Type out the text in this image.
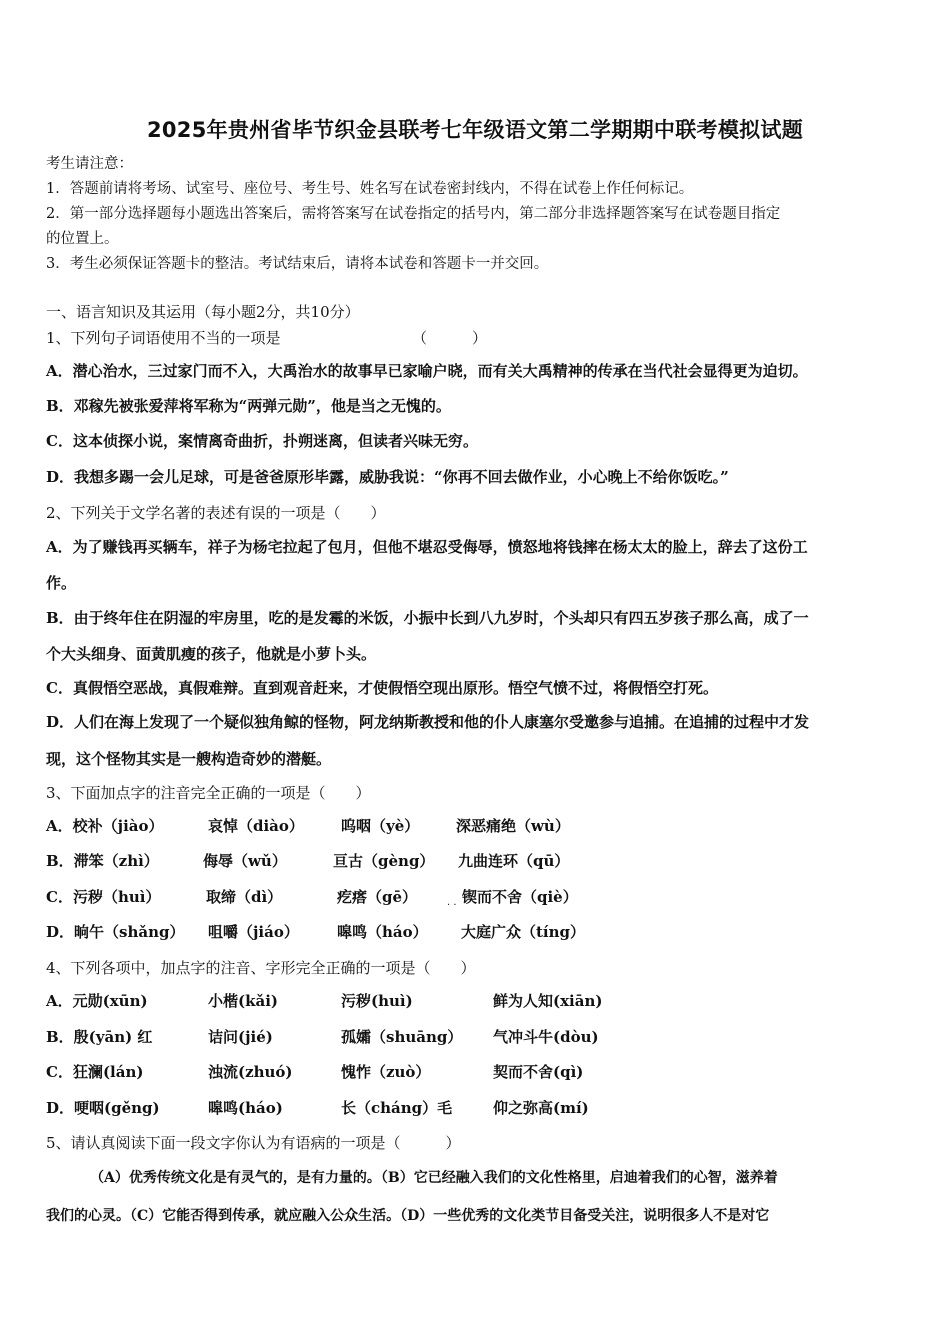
2025年贵州省毕节织金县联考七年级语文第二学期期中联考模拟试题
考生请注意：
1．答题前请将考场、试室号、座位号、考生号、姓名写在试卷密封线内，不得在试卷上作任何标记。
2．第一部分选择题每小题选出答案后，需将答案写在试卷指定的括号内，第二部分非选择题答案写在试卷题目指定
的位置上。
3．考生必须保证答题卡的整洁。考试结束后，请将本试卷和答题卡一并交回。
一、语言知识及其运用（每小题2分，共10分）
1、下列句子词语使用不当的一项是	（　　　）
A．潜心治水，三过家门而不入，大禹治水的故事早已家喻户晓，而有关大禹精神的传承在当代社会显得更为迫切。
B．邓稼先被张爱萍将军称为“两弹元勋”，他是当之无愧的。
C．这本侦探小说，案情离奇曲折，扑朔迷离，但读者兴味无穷。
D．我想多踢一会儿足球，可是爸爸原形毕露，威胁我说：“你再不回去做作业，小心晚上不给你饭吃。”
2、下列关于文学名著的表述有误的一项是（　　）
A．为了赚钱再买辆车，祥子为杨宅拉起了包月，但他不堪忍受侮辱，愤怒地将钱摔在杨太太的脸上，辞去了这份工
作。
B．由于终年住在阴湿的牢房里，吃的是发霉的米饭，小振中长到八九岁时，个头却只有四五岁孩子那么高，成了一
个大头细身、面黄肌瘦的孩子，他就是小萝卜头。
C．真假悟空恶战，真假难辩。直到观音赶来，才使假悟空现出原形。悟空气愤不过，将假悟空打死。
D．人们在海上发现了一个疑似独角鲸的怪物，阿龙纳斯教授和他的仆人康塞尔受邀参与追捕。在追捕的过程中才发
现，这个怪物其实是一艘构造奇妙的潜艇。
3、下面加点字的注音完全正确的一项是（　　）
A．校补（jiào）	哀悼（diào） 呜咽（yè） 深恶痛绝（wù）
B．滞笨（zhì）	侮辱（wǔ）	亘古（gèng） 九曲连环（qū）
C．污秽（huì）	取缔（dì）	疙瘩（gē）	锲而不舍（qiè）
. .
D．晌午（shǎng） 咀嚼（jiáo）	嗥鸣（háo） 大庭广众（tíng）
4、下列各项中，加点字的注音、字形完全正确的一项是（　　）
A．元勋(xūn)	小楷(kǎi)	污秽(huì)	鲜为人知(xiān)
B．殷(yān) 红	诘问(jié)	孤孀（shuāng） 气冲斗牛(dòu)
C．狂澜(lán)	浊流(zhuó)	愧怍（zuò）	契而不舍(qì)
D．哽咽(gěng)	嗥鸣(háo)	长（cháng）毛	仰之弥高(mí)
5、请认真阅读下面一段文字你认为有语病的一项是（　　　）
（A）优秀传统文化是有灵气的，是有力量的。（B）它已经融入我们的文化性格里，启迪着我们的心智，滋养着
我们的心灵。（C）它能否得到传承，就应融入公众生活。（D）一些优秀的文化类节目备受关注，说明很多人不是对它
